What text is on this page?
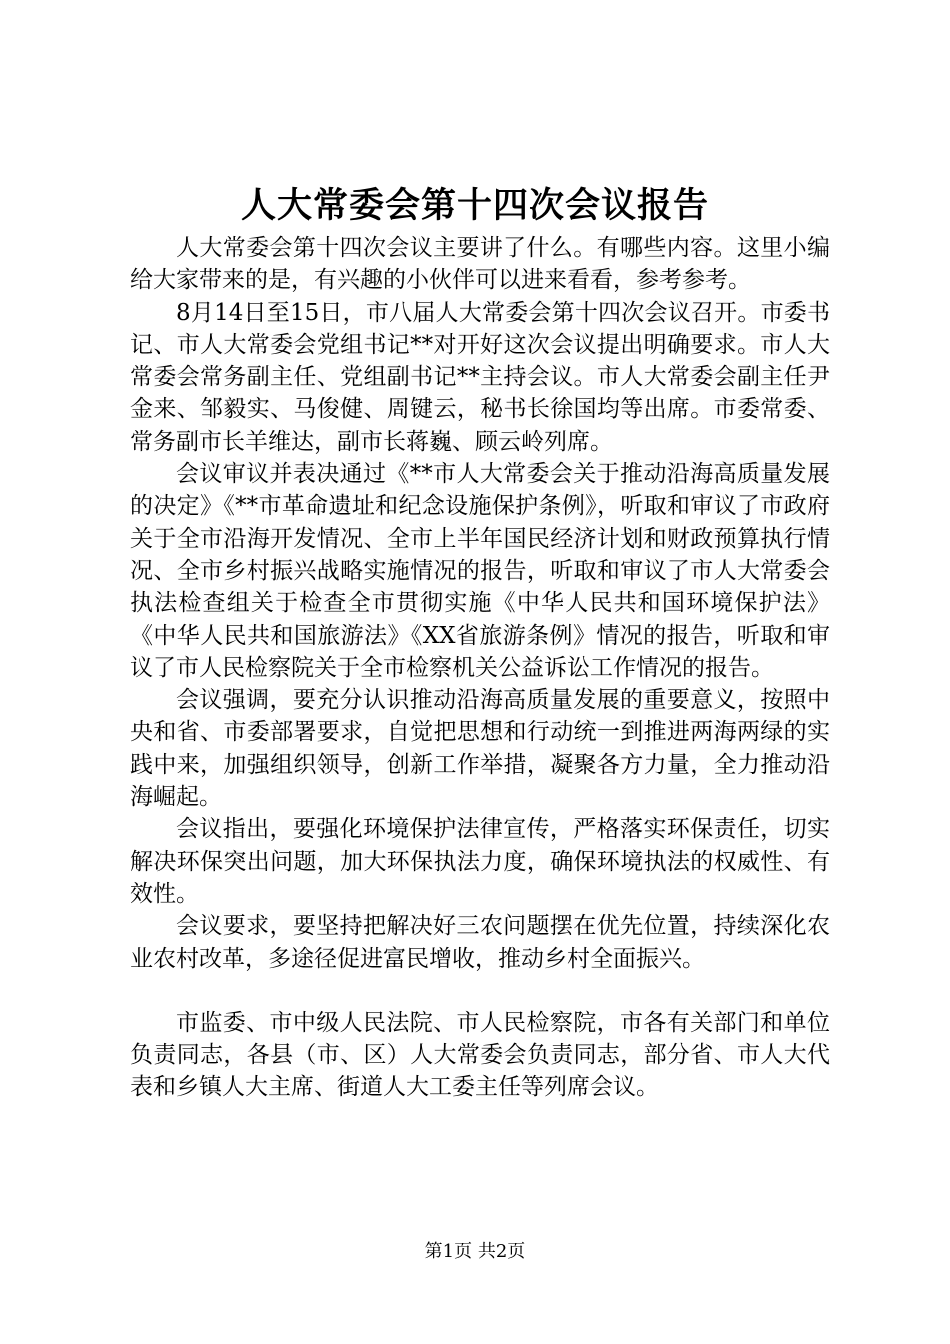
人大常委会第十四次会议报告

人大常委会第十四次会议主要讲了什么。有哪些内容。这里小编给大家带来的是，有兴趣的小伙伴可以进来看看，参考参考。

8月14日至15日，市八届人大常委会第十四次会议召开。市委书记、市人大常委会党组书记**对开好这次会议提出明确要求。市人大常委会常务副主任、党组副书记**主持会议。市人大常委会副主任尹金来、邹毅实、马俊健、周键云，秘书长徐国均等出席。市委常委、常务副市长羊维达，副市长蒋巍、顾云岭列席。

会议审议并表决通过《**市人大常委会关于推动沿海高质量发展的决定》《**市革命遗址和纪念设施保护条例》，听取和审议了市政府关于全市沿海开发情况、全市上半年国民经济计划和财政预算执行情况、全市乡村振兴战略实施情况的报告，听取和审议了市人大常委会执法检查组关于检查全市贯彻实施《中华人民共和国环境保护法》《中华人民共和国旅游法》《XX省旅游条例》情况的报告，听取和审议了市人民检察院关于全市检察机关公益诉讼工作情况的报告。

会议强调，要充分认识推动沿海高质量发展的重要意义，按照中央和省、市委部署要求，自觉把思想和行动统一到推进两海两绿的实践中来，加强组织领导，创新工作举措，凝聚各方力量，全力推动沿海崛起。

会议指出，要强化环境保护法律宣传，严格落实环保责任，切实解决环保突出问题，加大环保执法力度，确保环境执法的权威性、有效性。

会议要求，要坚持把解决好三农问题摆在优先位置，持续深化农业农村改革，多途径促进富民增收，推动乡村全面振兴。

市监委、市中级人民法院、市人民检察院，市各有关部门和单位负责同志，各县（市、区）人大常委会负责同志，部分省、市人大代表和乡镇人大主席、街道人大工委主任等列席会议。

第1页 共2页
